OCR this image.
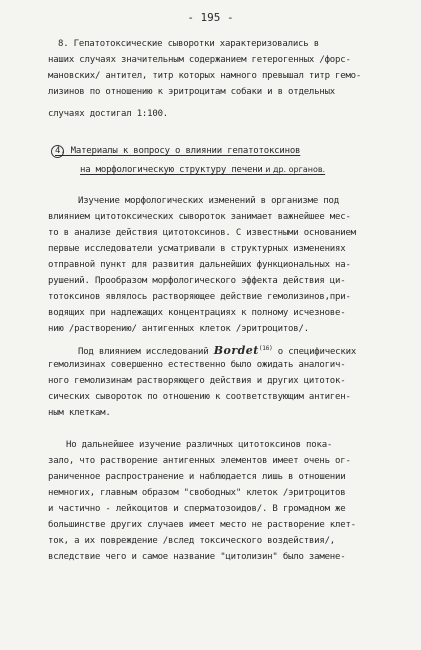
- 195 -
8. Гепатотоксические сыворотки характеризовались в
наших случаях значительным содержанием гетерогенных /форс-
мановских/ антител, титр которых намного превышал титр гемо-
лизинов по отношению к эритроцитам собаки и в отдельных
случаях достигал 1:100.
4. Материалы к вопросу о влиянии гепатотоксинов
на морфологическую структуру печени и др. органов.
Изучение морфологических изменений в организме под
влиянием цитотоксических сывороток занимает важнейшее мес-
то в анализе действия цитотоксинов. С известными основанием
первые исследователи усматривали в структурных изменениях
отправной пункт для развития дальнейших функциональных на-
рушений. Прообразом морфологического эффекта действия ци-
тотоксинов являлось растворяющее действие гемолизинов,при-
водящих при надлежащих концентрациях к полному исчезнове-
нию /растворению/ антигенных клеток /эритроцитов/.
Под влиянием исследований Bordet$^{(16)}$ о специфических
гемолизинах совершенно естественно было ожидать аналогич-
ного гемолизинам растворяющего действия и других цитоток-
сических сывороток по отношению к соответствующим антиген-
ным клеткам.
Но дальнейшее изучение различных цитотоксинов пока-
зало, что растворение антигенных элементов имеет очень ог-
раниченное распространение и наблюдается лишь в отношении
немногих, главным образом "свободных" клеток /эритроцитов
и частично - лейкоцитов и сперматозоидов/. В громадном же
большинстве других случаев имеет место не растворение клет-
ток, а их повреждение /вслед токсического воздействия/,
вследствие чего и самое название "цитолизин" было заменe-
